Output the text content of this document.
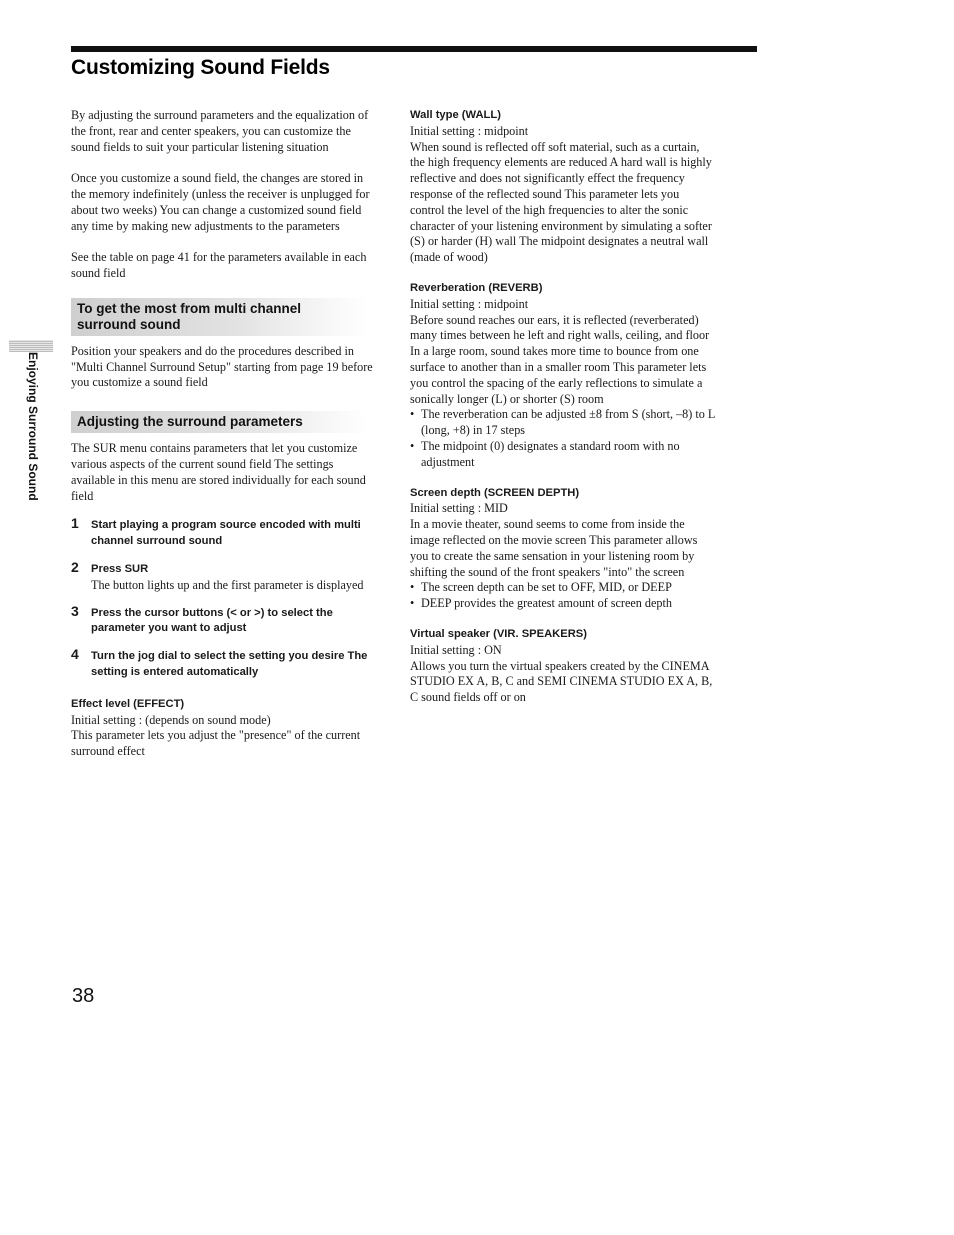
Customizing Sound Fields
Enjoying Surround Sound

By adjusting the surround parameters and the equalization of the front, rear and center speakers, you can customize the sound fields to suit your particular listening situation

Once you customize a sound field, the changes are stored in the memory indefinitely (unless the receiver is unplugged for about two weeks) You can change a customized sound field any time by making new adjustments to the parameters

See the table on page 41 for the parameters available in each sound field

To get the most from multi channel
surround sound

Position your speakers and do the procedures described in "Multi Channel Surround Setup" starting from page 19 before you customize a sound field

Adjusting the surround parameters

The SUR menu contains parameters that let you customize various aspects of the current sound field The settings available in this menu are stored individually for each sound field

1 Start playing a program source encoded with multi channel surround sound
2 Press SUR
The button lights up and the first parameter is displayed
3 Press the cursor buttons (< or >) to select the parameter you want to adjust
4 Turn the jog dial to select the setting you desire The setting is entered automatically

Effect level (EFFECT)

Initial setting : (depends on sound mode)

This parameter lets you adjust the "presence" of the current surround effect

Wall type (WALL)

Initial setting : midpoint

When sound is reflected off soft material, such as a curtain, the high frequency elements are reduced A hard wall is highly reflective and does not significantly effect the frequency response of the reflected sound This parameter lets you control the level of the high frequencies to alter the sonic character of your listening environment by simulating a softer (S) or harder (H) wall The midpoint designates a neutral wall (made of wood)

Reverberation (REVERB)

Initial setting : midpoint

Before sound reaches our ears, it is reflected (reverberated) many times between he left and right walls, ceiling, and floor In a large room, sound takes more time to bounce from one surface to another than in a smaller room This parameter lets you control the spacing of the early reflections to simulate a sonically longer (L) or shorter (S) room

• The reverberation can be adjusted ±8 from S (short, –8) to L (long, +8) in 17 steps
• The midpoint (0) designates a standard room with no adjustment

Screen depth (SCREEN DEPTH)

Initial setting : MID

In a movie theater, sound seems to come from inside the image reflected on the movie screen This parameter allows you to create the same sensation in your listening room by shifting the sound of the front speakers "into" the screen

• The screen depth can be set to OFF, MID, or DEEP
• DEEP provides the greatest amount of screen depth

Virtual speaker (VIR. SPEAKERS)

Initial setting : ON

Allows you turn the virtual speakers created by the CINEMA STUDIO EX A, B, C and SEMI CINEMA STUDIO EX A, B, C sound fields off or on

38
